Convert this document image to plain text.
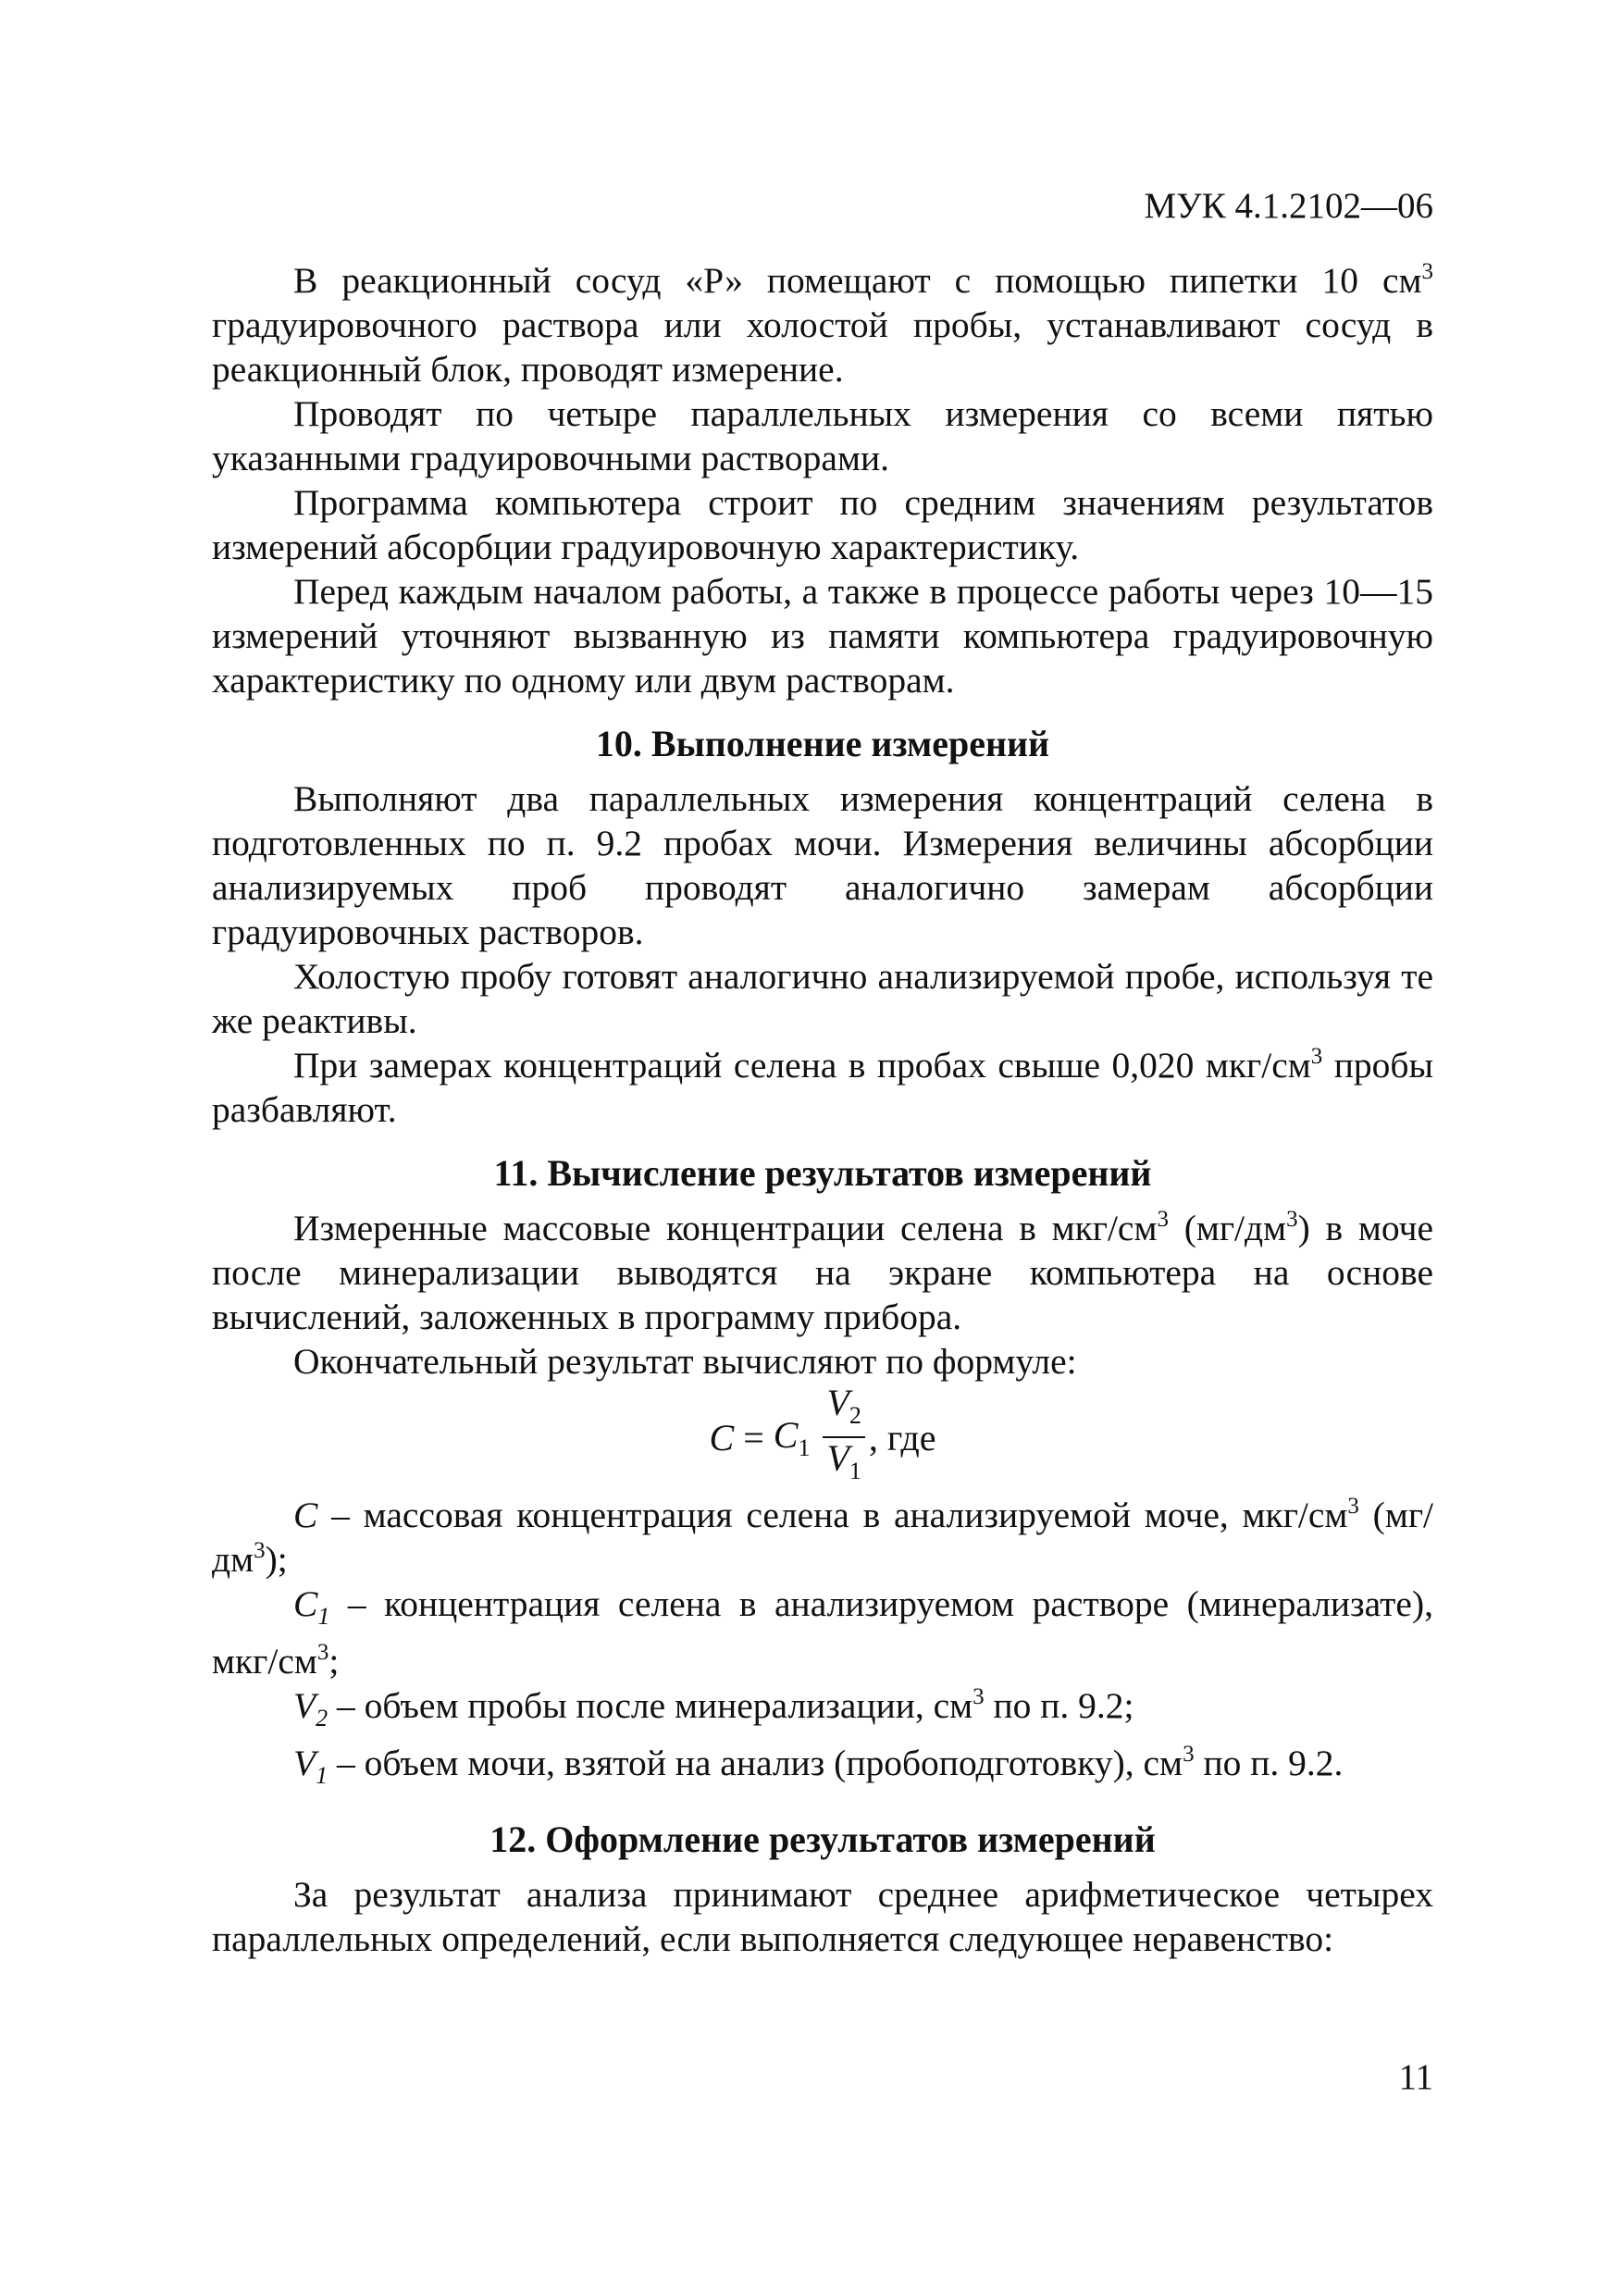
МУК 4.1.2102—06

В реакционный сосуд «Р» помещают с помощью пипетки 10 $см^3$ градуировочного раствора или холостой пробы, устанавливают сосуд в реакционный блок, проводят измерение.

Проводят по четыре параллельных измерения со всеми пятью указанными градуировочными растворами.

Программа компьютера строит по средним значениям результатов измерений абсорбции градуировочную характеристику.

Перед каждым началом работы, а также в процессе работы через 10—15 измерений уточняют вызванную из памяти компьютера градуировочную характеристику по одному или двум растворам.

10. Выполнение измерений

Выполняют два параллельных измерения концентраций селена в подготовленных по п. 9.2 пробах мочи. Измерения величины абсорбции анализируемых проб проводят аналогично замерам абсорбции градуировочных растворов.

Холостую пробу готовят аналогично анализируемой пробе, используя те же реактивы.

При замерах концентраций селена в пробах свыше 0,020 мкг/$см^3$ пробы разбавляют.

11. Вычисление результатов измерений

Измеренные массовые концентрации селена в мкг/$см^3$ $(мг/дм^3)$ в моче после минерализации выводятся на экране компьютера на основе вычислений, заложенных в программу прибора.

Окончательный результат вычисляют по формуле:

$C = C_1 \frac{V_2}{V_1}$ , где

C – массовая концентрация селена в анализируемой моче, мкг/$см^3$ $(мг/дм^3)$;

$C_1$ – концентрация селена в анализируемом растворе (минерализате), мкг/$см^3$;

$V_2$ – объем пробы после минерализации, $см^3$ по п. 9.2;

$V_1$ – объем мочи, взятой на анализ (пробоподготовку), $см^3$ по п. 9.2.

12. Оформление результатов измерений

За результат анализа принимают среднее арифметическое четырех параллельных определений, если выполняется следующее неравенство:

11
